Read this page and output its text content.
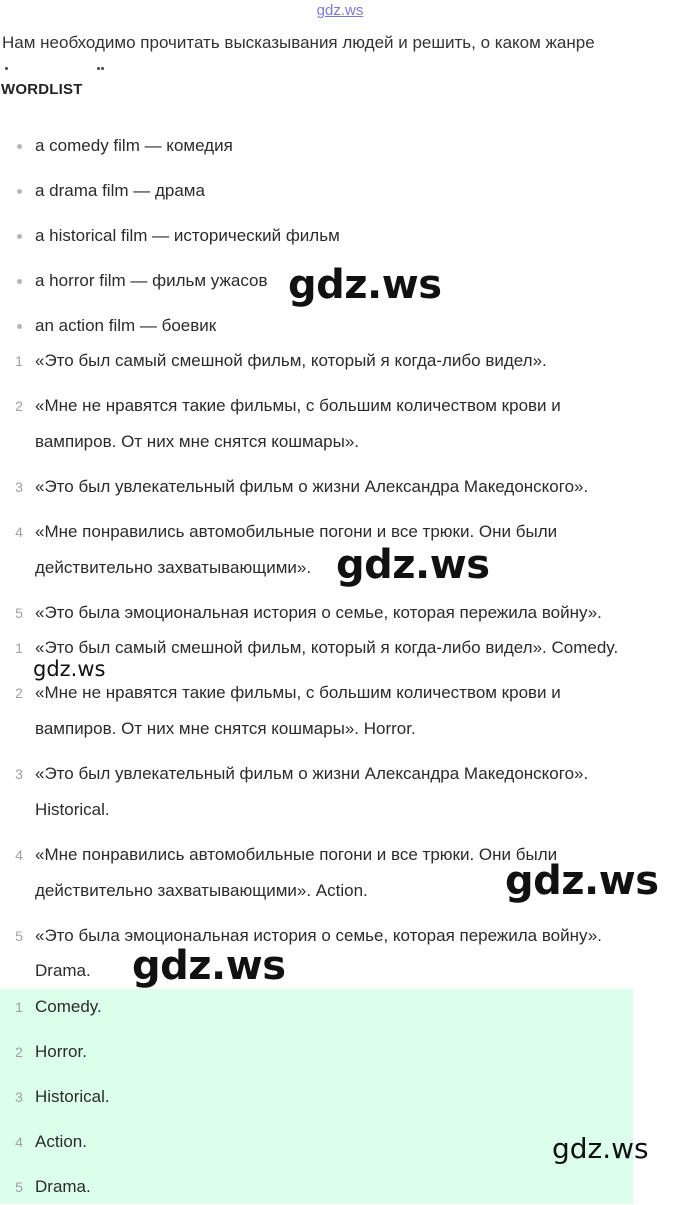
gdz.ws
Нам необходимо прочитать высказывания людей и решить, о каком жанре
WORDLIST
a comedy film — комедия
a drama film — драма
a historical film — исторический фильм
a horror film — фильм ужасов
an action film — боевик
1 «Это был самый смешной фильм, который я когда-либо видел».
2 «Мне не нравятся такие фильмы, с большим количеством крови и
вампиров. От них мне снятся кошмары».
3 «Это был увлекательный фильм о жизни Александра Македонского».
4 «Мне понравились автомобильные погони и все трюки. Они были
действительно захватывающими».
5 «Это была эмоциональная история о семье, которая пережила войну».
1 «Это был самый смешной фильм, который я когда-либо видел». Comedy.
2 «Мне не нравятся такие фильмы, с большим количеством крови и
вампиров. От них мне снятся кошмары». Horror.
3 «Это был увлекательный фильм о жизни Александра Македонского».
Historical.
4 «Мне понравились автомобильные погони и все трюки. Они были
действительно захватывающими». Action.
5 «Это была эмоциональная история о семье, которая пережила войну».
Drama.
1 Comedy.
2 Horror.
3 Historical.
4 Action.
5 Drama.
gdz.ws
gdz.ws
gdz.ws
gdz.ws
gdz.ws
gdz.ws
